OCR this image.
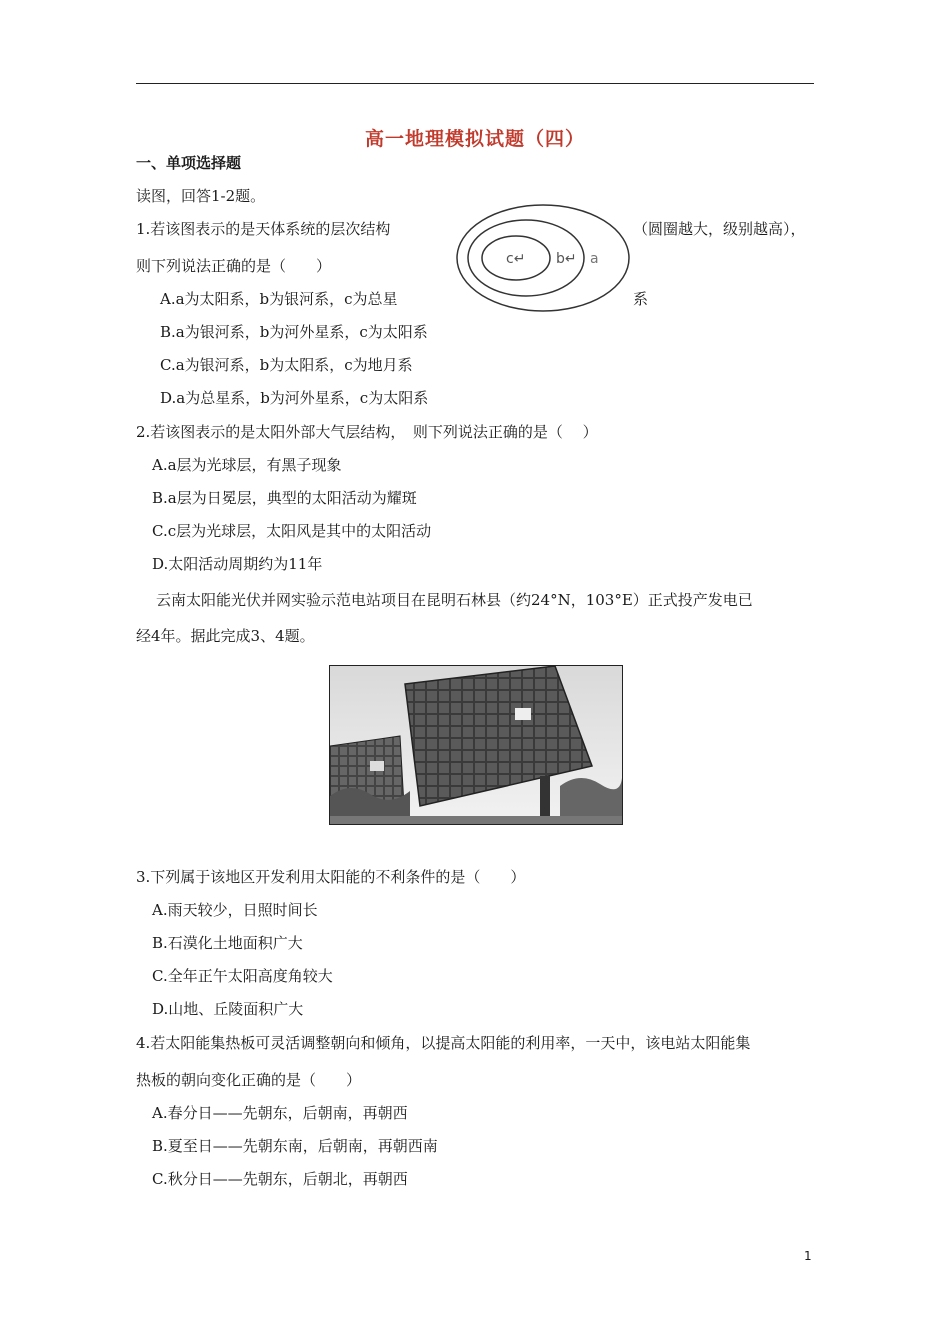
高一地理模拟试题（四）
一、单项选择题
读图，回答1-2题。
1.若该图表示的是天体系统的层次结构	（圆圈越大，级别越高），
则下列说法正确的是（　　）
A.a为太阳系，b为银河系，c为总星	系
B.a为银河系，b为河外星系，c为太阳系
C.a为银河系，b为太阳系，c为地月系
D.a为总星系，b为河外星系，c为太阳系
c↵ b↵ a
2.若该图表示的是太阳外部大气层结构，　则下列说法正确的是（　 ）
A.a层为光球层，有黑子现象
B.a层为日冕层，典型的太阳活动为耀斑
C.c层为光球层，太阳风是其中的太阳活动
D.太阳活动周期约为11年
云南太阳能光伏并网实验示范电站项目在昆明石林县（约24°N，103°E）正式投产发电已
经4年。据此完成3、4题。
3.下列属于该地区开发利用太阳能的不利条件的是（　　）
A.雨天较少，日照时间长
B.石漠化土地面积广大
C.全年正午太阳高度角较大
D.山地、丘陵面积广大
4.若太阳能集热板可灵活调整朝向和倾角，以提高太阳能的利用率，一天中，该电站太阳能集
热板的朝向变化正确的是（　　）
A.春分日——先朝东，后朝南，再朝西
B.夏至日——先朝东南，后朝南，再朝西南
C.秋分日——先朝东，后朝北，再朝西
1
